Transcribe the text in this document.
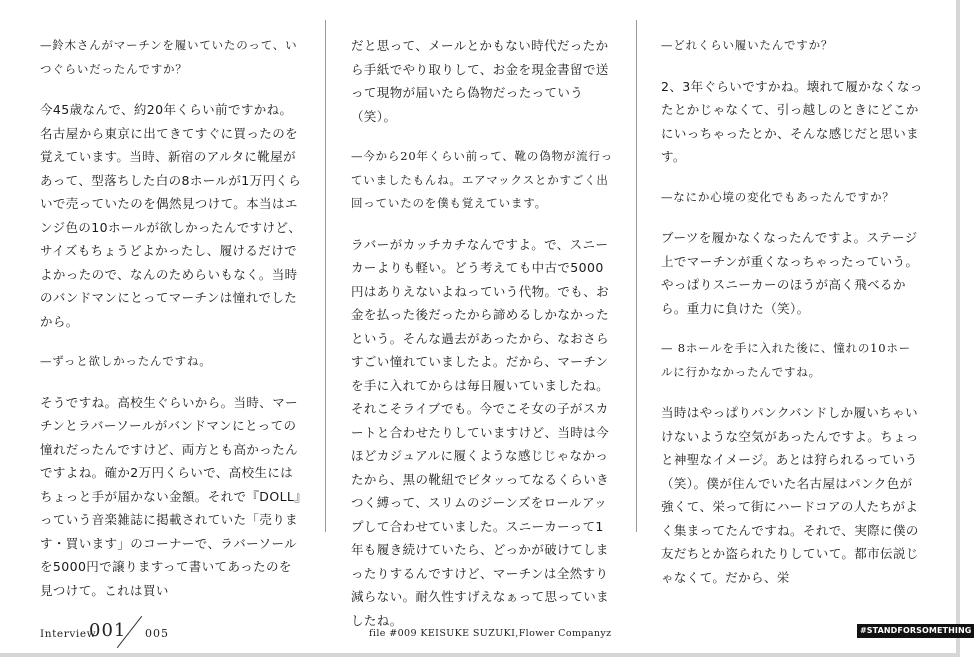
—鈴木さんがマーチンを履いていたのって、いつぐらいだったんですか？

今45歳なんで、約20年くらい前ですかね。名古屋から東京に出てきてすぐに買ったのを覚えています。当時、新宿のアルタに靴屋があって、型落ちした白の8ホールが1万円くらいで売っていたのを偶然見つけて。本当はエンジ色の10ホールが欲しかったんですけど、サイズもちょうどよかったし、履けるだけでよかったので、なんのためらいもなく。当時のバンドマンにとってマーチンは憧れでしたから。

—ずっと欲しかったんですね。

そうですね。高校生ぐらいから。当時、マーチンとラバーソールがバンドマンにとっての憧れだったんですけど、両方とも高かったんですよね。確か2万円くらいで、高校生にはちょっと手が届かない金額。それで『DOLL』っていう音楽雑誌に掲載されていた「売ります・買います」のコーナーで、ラバーソールを5000円で譲りますって書いてあったのを見つけて。これは買い

だと思って、メールとかもない時代だったから手紙でやり取りして、お金を現金書留で送って現物が届いたら偽物だったっていう（笑）。

—今から20年くらい前って、靴の偽物が流行っていましたもんね。エアマックスとかすごく出回っていたのを僕も覚えています。

ラバーがカッチカチなんですよ。で、スニーカーよりも軽い。どう考えても中古で5000円はありえないよねっていう代物。でも、お金を払った後だったから諦めるしかなかったという。そんな過去があったから、なおさらすごい憧れていましたよ。だから、マーチンを手に入れてからは毎日履いていましたね。それこそライブでも。今でこそ女の子がスカートと合わせたりしていますけど、当時は今ほどカジュアルに履くような感じじゃなかったから、黒の靴紐でビタッってなるくらいきつく縛って、スリムのジーンズをロールアップして合わせていました。スニーカーって1年も履き続けていたら、どっかが破けてしまったりするんですけど、マーチンは全然すり減らない。耐久性すげえなぁって思っていましたね。

—どれくらい履いたんですか？

2、3年ぐらいですかね。壊れて履かなくなったとかじゃなくて、引っ越しのときにどこかにいっちゃったとか、そんな感じだと思います。

—なにか心境の変化でもあったんですか？

ブーツを履かなくなったんですよ。ステージ上でマーチンが重くなっちゃったっていう。やっぱりスニーカーのほうが高く飛べるから。重力に負けた（笑）。

— 8ホールを手に入れた後に、憧れの10ホールに行かなかったんですね。

当時はやっぱりパンクバンドしか履いちゃいけないような空気があったんですよ。ちょっと神聖なイメージ。あとは狩られるっていう（笑）。僕が住んでいた名古屋はパンク色が強くて、栄って街にハードコアの人たちがよく集まってたんですね。それで、実際に僕の友だちとか盗られたりしていて。都市伝説じゃなくて。だから、栄

Interview
001 005	file #009 KEISUKE SUZUKI,Flower Companyz	#STANDFORSOMETHING
